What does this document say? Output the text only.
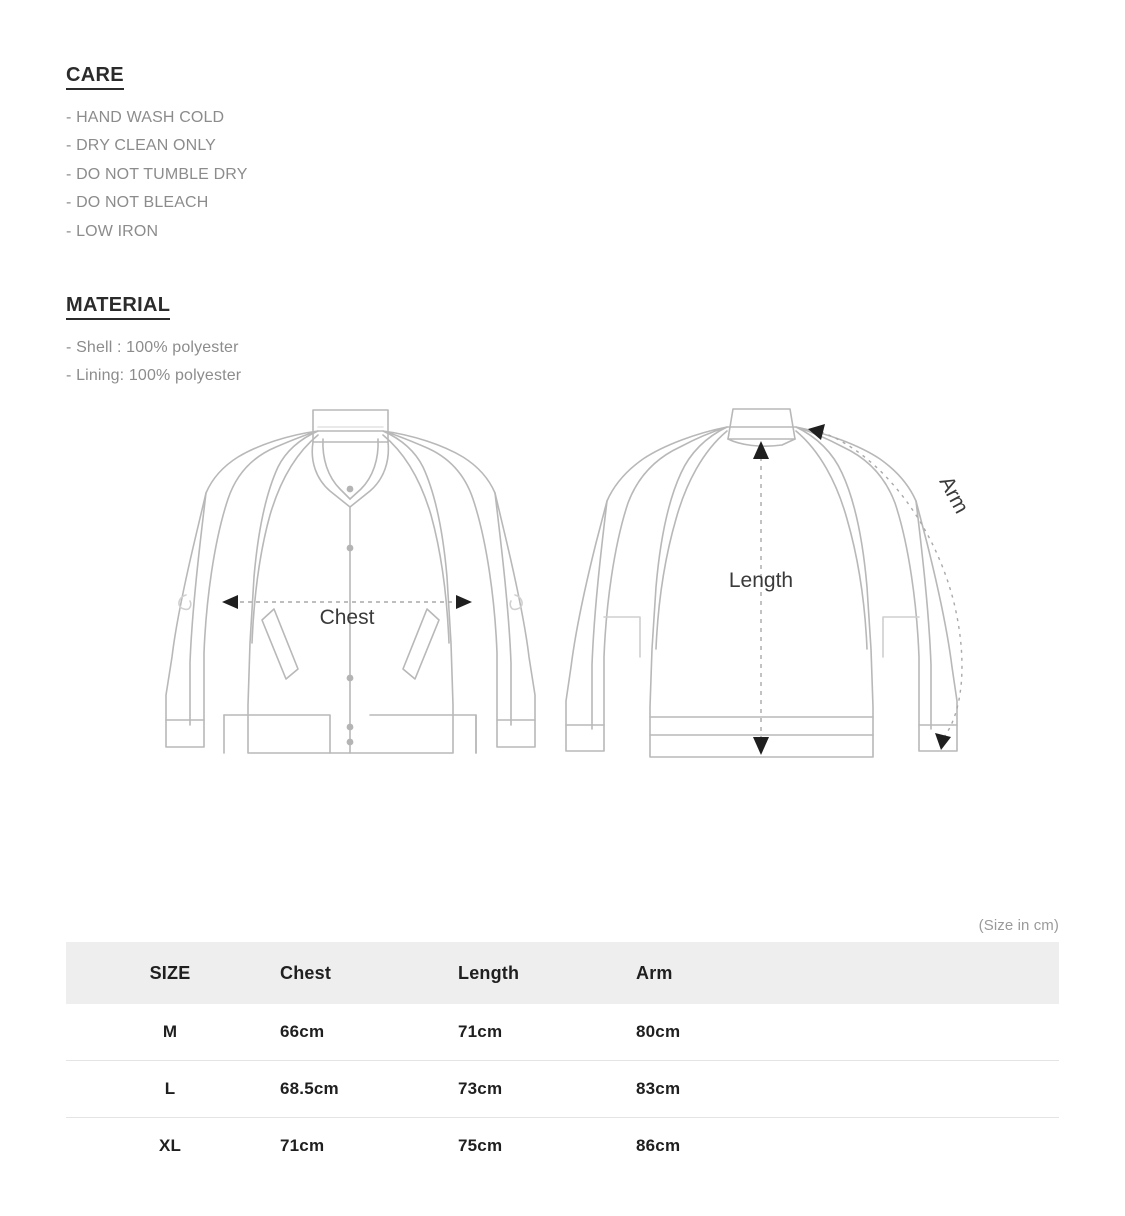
CARE
- HAND WASH COLD
- DRY CLEAN ONLY
- DO NOT TUMBLE DRY
- DO NOT BLEACH
- LOW IRON
MATERIAL
- Shell : 100% polyester
- Lining: 100% polyester
Chest
Length
Arm
(Size in cm)
SIZE	Chest	Length	Arm	
M	66cm	71cm	80cm	
L	68.5cm	73cm	83cm	
XL	71cm	75cm	86cm	
